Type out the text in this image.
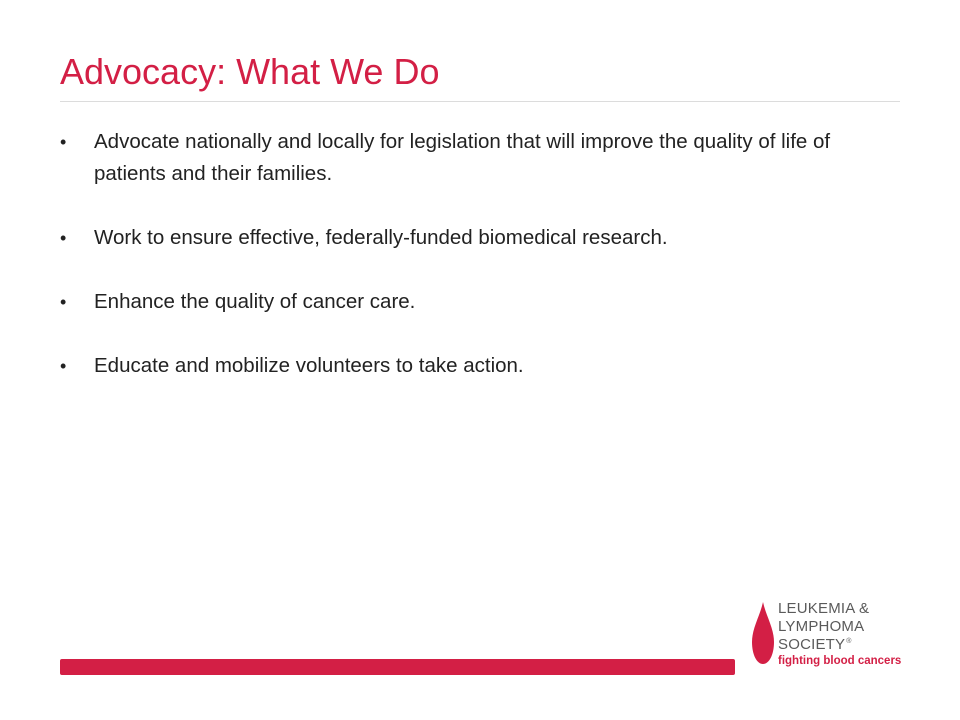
Advocacy: What We Do
• Advocate nationally and locally for legislation that will improve the quality of life of patients and their families.
• Work to ensure effective, federally-funded biomedical research.
• Enhance the quality of cancer care.
• Educate and mobilize volunteers to take action.
LEUKEMIA &
LYMPHOMA
SOCIETY®
fighting blood cancers
